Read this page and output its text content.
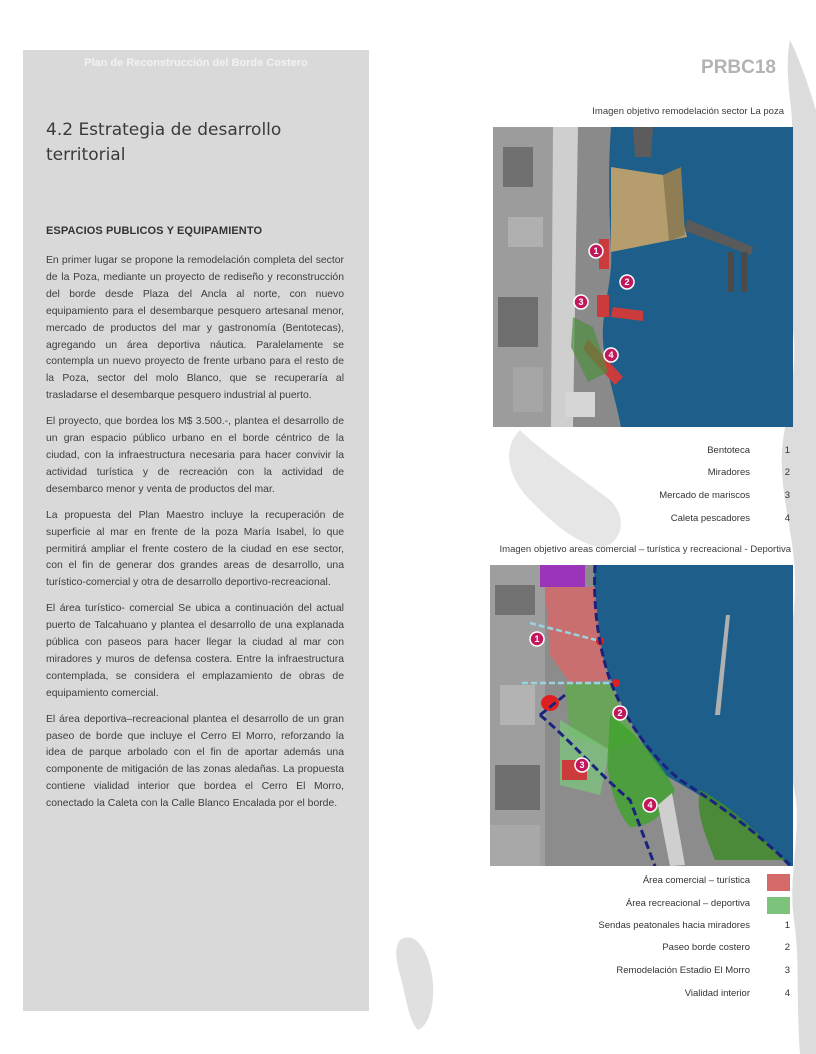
Plan de Reconstrucción del Borde Costero	PRBC18
4.2 Estrategia de desarrollo territorial
ESPACIOS PUBLICOS Y EQUIPAMIENTO

En primer lugar se propone la remodelación completa del sector de la Poza, mediante un proyecto de rediseño y reconstrucción del borde desde Plaza del Ancla al norte, con nuevo equipamiento para el desembarque pesquero artesanal menor, mercado de productos del mar y gastronomía (Bentotecas), agregando un área deportiva náutica. Paralelamente se contempla un nuevo proyecto de frente urbano para el resto de la Poza, sector del molo Blanco, que se recuperaría al trasladarse el desembarque pesquero industrial al puerto.

El proyecto, que bordea los M$ 3.500.-, plantea el desarrollo de un gran espacio público urbano en el borde céntrico de la ciudad, con la infraestructura necesaria para hacer convivir la actividad turística y de recreación con la actividad de desembarco menor y venta de productos del mar.

La propuesta del Plan Maestro incluye la recuperación de superficie al mar en frente de la poza María Isabel, lo que permitirá ampliar el frente costero de la ciudad en ese sector, con el fin de generar dos grandes areas de desarrollo, una turístico-comercial y otra de desarrollo deportivo-recreacional.

El área turístico- comercial Se ubica a continuación del actual puerto de Talcahuano y plantea el desarrollo de una explanada pública con paseos para hacer llegar la ciudad al mar con miradores y muros de defensa costera. Entre la infraestructura contemplada, se considera el emplazamiento de obras de equipamiento comercial.

El área deportiva–recreacional plantea el desarrollo de un gran paseo de borde que incluye el Cerro El Morro, reforzando la idea de parque arbolado con el fin de aportar además una componente de mitigación de las zonas aledañas. La propuesta contiene vialidad interior que bordea el Cerro El Morro, conectado la Caleta con la Calle Blanco Encalada por el borde.

Imagen objetivo remodelación sector La poza
1
2
3
4
Bentoteca	1
Miradores	2
Mercado de mariscos	3
Caleta pescadores	4
Imagen objetivo areas comercial – turística y recreacional - Deportiva
1
2
3
4
Área comercial – turística
Área recreacional – deportiva
Sendas peatonales hacia miradores	1
Paseo borde costero	2
Remodelación Estadio El Morro	3
Vialidad interior	4
